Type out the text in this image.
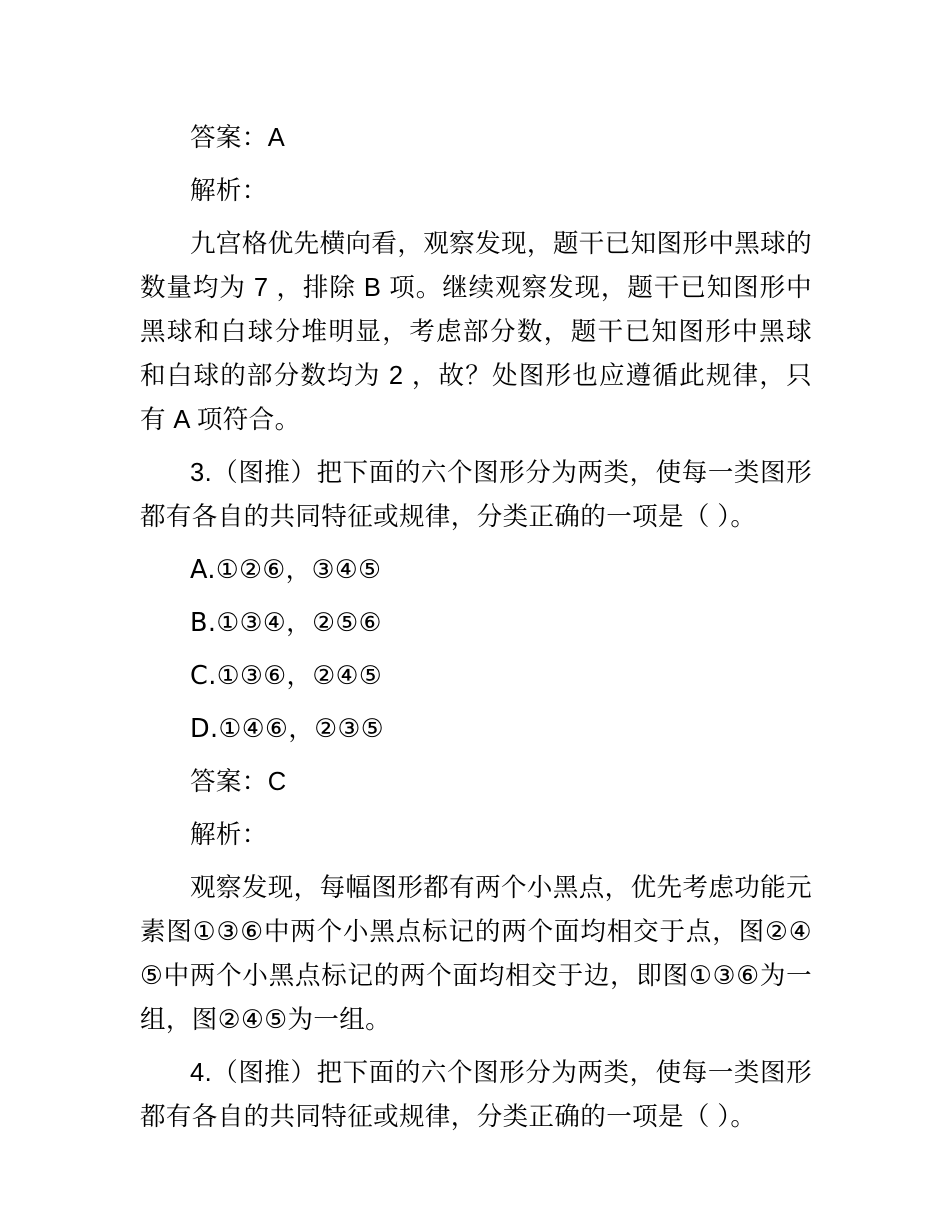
答案：A
解析：
九宫格优先横向看，观察发现，题干已知图形中黑球的数量均为 7 ，排除 B 项。继续观察发现，题干已知图形中黑球和白球分堆明显，考虑部分数，题干已知图形中黑球和白球的部分数均为 2 ，故？处图形也应遵循此规律，只有 A 项符合。
3.（图推）把下面的六个图形分为两类，使每一类图形都有各自的共同特征或规律，分类正确的一项是（ ）。
A.①②⑥，③④⑤
B.①③④，②⑤⑥
C.①③⑥，②④⑤
D.①④⑥，②③⑤
答案：C
解析：
观察发现，每幅图形都有两个小黑点，优先考虑功能元素图①③⑥中两个小黑点标记的两个面均相交于点，图②④⑤中两个小黑点标记的两个面均相交于边，即图①③⑥为一组，图②④⑤为一组。
4.（图推）把下面的六个图形分为两类，使每一类图形都有各自的共同特征或规律，分类正确的一项是（ ）。
